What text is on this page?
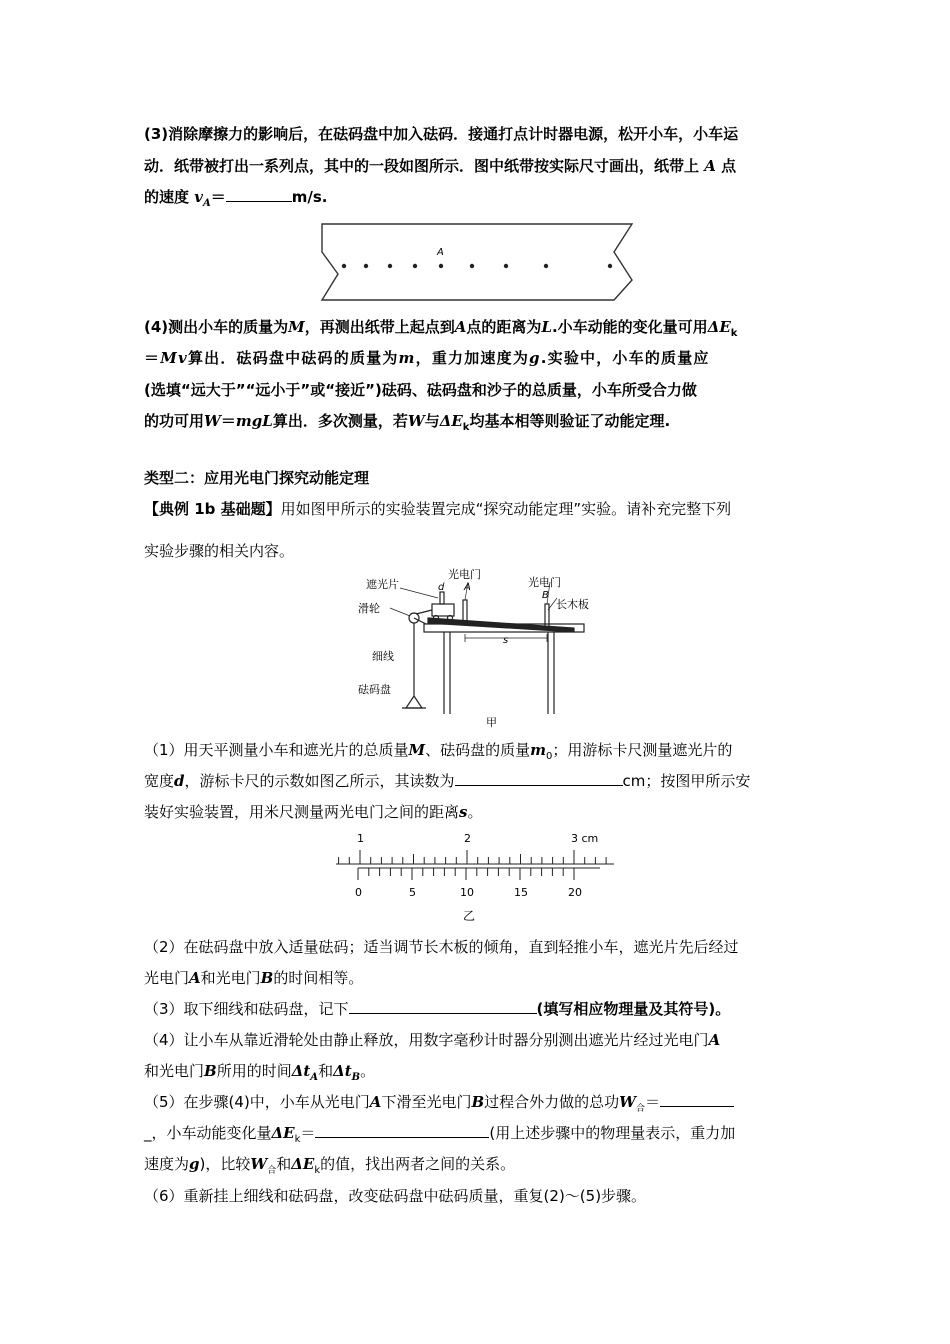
(3)消除摩擦力的影响后，在砝码盘中加入砝码．接通打点计时器电源，松开小车，小车运
动．纸带被打出一系列点，其中的一段如图所示．图中纸带按实际尺寸画出，纸带上 A 点
的速度 $v_A=$	m/s.
A
(4)测出小车的质量为M，再测出纸带上起点到A点的距离为L.小车动能的变化量可用$\Delta E_k$
＝Mv算出．砝码盘中砝码的质量为m，重力加速度为g.实验中，小车的质量应
(选填“远大于”“远小于”或“接近”)砝码、砝码盘和沙子的总质量，小车所受合力做
的功可用W＝mgL算出．多次测量，若W与$\Delta E_k$均基本相等则验证了动能定理.
类型二：应用光电门探究动能定理
【典例 1b 基础题】用如图甲所示的实验装置完成“探究动能定理”实验。请补充完整下列
实验步骤的相关内容。
遮光片	d
光电门
A	光电门
B
长木板
滑轮
细线
砝码盘
s
甲
（1）用天平测量小车和遮光片的总质量M、砝码盘的质量$m_0$；用游标卡尺测量遮光片的
宽度d，游标卡尺的示数如图乙所示，其读数为	cm；按图甲所示安
装好实验装置，用米尺测量两光电门之间的距离s。
1	2	3 cm
0	5	10	15	20
乙
（2）在砝码盘中放入适量砝码；适当调节长木板的倾角，直到轻推小车，遮光片先后经过
光电门A和光电门B的时间相等。
（3）取下细线和砝码盘，记下	(填写相应物理量及其符号)。
（4）让小车从靠近滑轮处由静止释放，用数字毫秒计时器分别测出遮光片经过光电门A
和光电门B所用的时间$\Delta t_A$和$\Delta t_B$。
（5）在步骤(4)中，小车从光电门A下滑至光电门B过程合外力做的总功$W_合=$
_，小车动能变化量$\Delta E_k=$	(用上述步骤中的物理量表示，重力加
速度为g)，比较$W_合$和$\Delta E_k$的值，找出两者之间的关系。
（6）重新挂上细线和砝码盘，改变砝码盘中砝码质量，重复(2)～(5)步骤。
